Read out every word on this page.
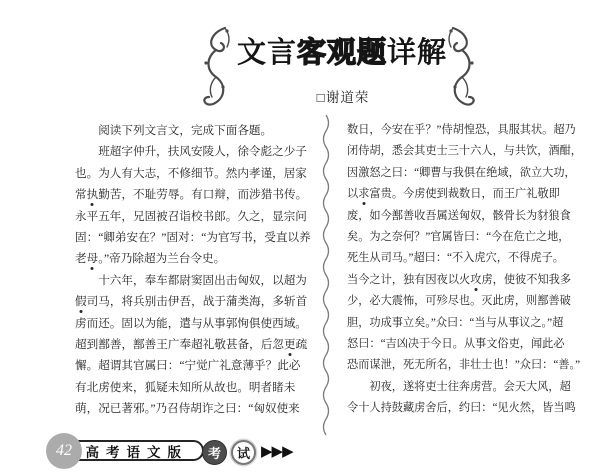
文言客观题详解
□谢道荣
　　阅读下列文言文，完成下面各题。
　　班超字仲升，扶风安陵人，徐令彪之少子
也。为人有大志，不修细节。然内孝谨，居家
常执勤苦，不耻劳辱。有口辩，而涉猎书传。
永平五年，兄固被召诣校书郎。久之，显宗问
固：“卿弟安在？”固对：“为官写书，受直以养
老母。”帝乃除超为兰台令史。
　　十六年，奉车都尉窦固出击匈奴，以超为
假司马，将兵别击伊吾，战于蒲类海，多斩首
虏而还。固以为能，遣与从事郭恂俱使西域。
超到鄯善，鄯善王广奉超礼敬甚备，后忽更疏
懈。超谓其官属曰：“宁觉广礼意薄乎？此必
有北虏使来，狐疑未知所从故也。明者睹未
萌，况已著邪。”乃召侍胡诈之曰：“匈奴使来
数日，今安在乎？”侍胡惶恐，具服其状。超乃
闭侍胡，悉会其吏士三十六人，与共饮，酒酣，
因激怒之曰：“卿曹与我俱在绝域，欲立大功，
以求富贵。今虏使到裁数日，而王广礼敬即
废，如今鄯善收吾属送匈奴，骸骨长为豺狼食
矣。为之奈何？”官属皆曰：“今在危亡之地，
死生从司马。”超曰：“不入虎穴，不得虎子。
当今之计，独有因夜以火攻虏，使彼不知我多
少，必大震怖，可殄尽也。灭此虏，则鄯善破
胆，功成事立矣。”众曰：“当与从事议之。”超
怒曰：“吉凶决于今日。从事文俗吏，闻此必
恐而谋泄，死无所名，非壮士也！”众曰：“善。”
　　初夜，遂将吏士往奔虏营。会天大风，超
令十人持鼓藏虏舍后，约曰：“见火然，皆当鸣
高考语文版
42	考	试 ▶▶▶
